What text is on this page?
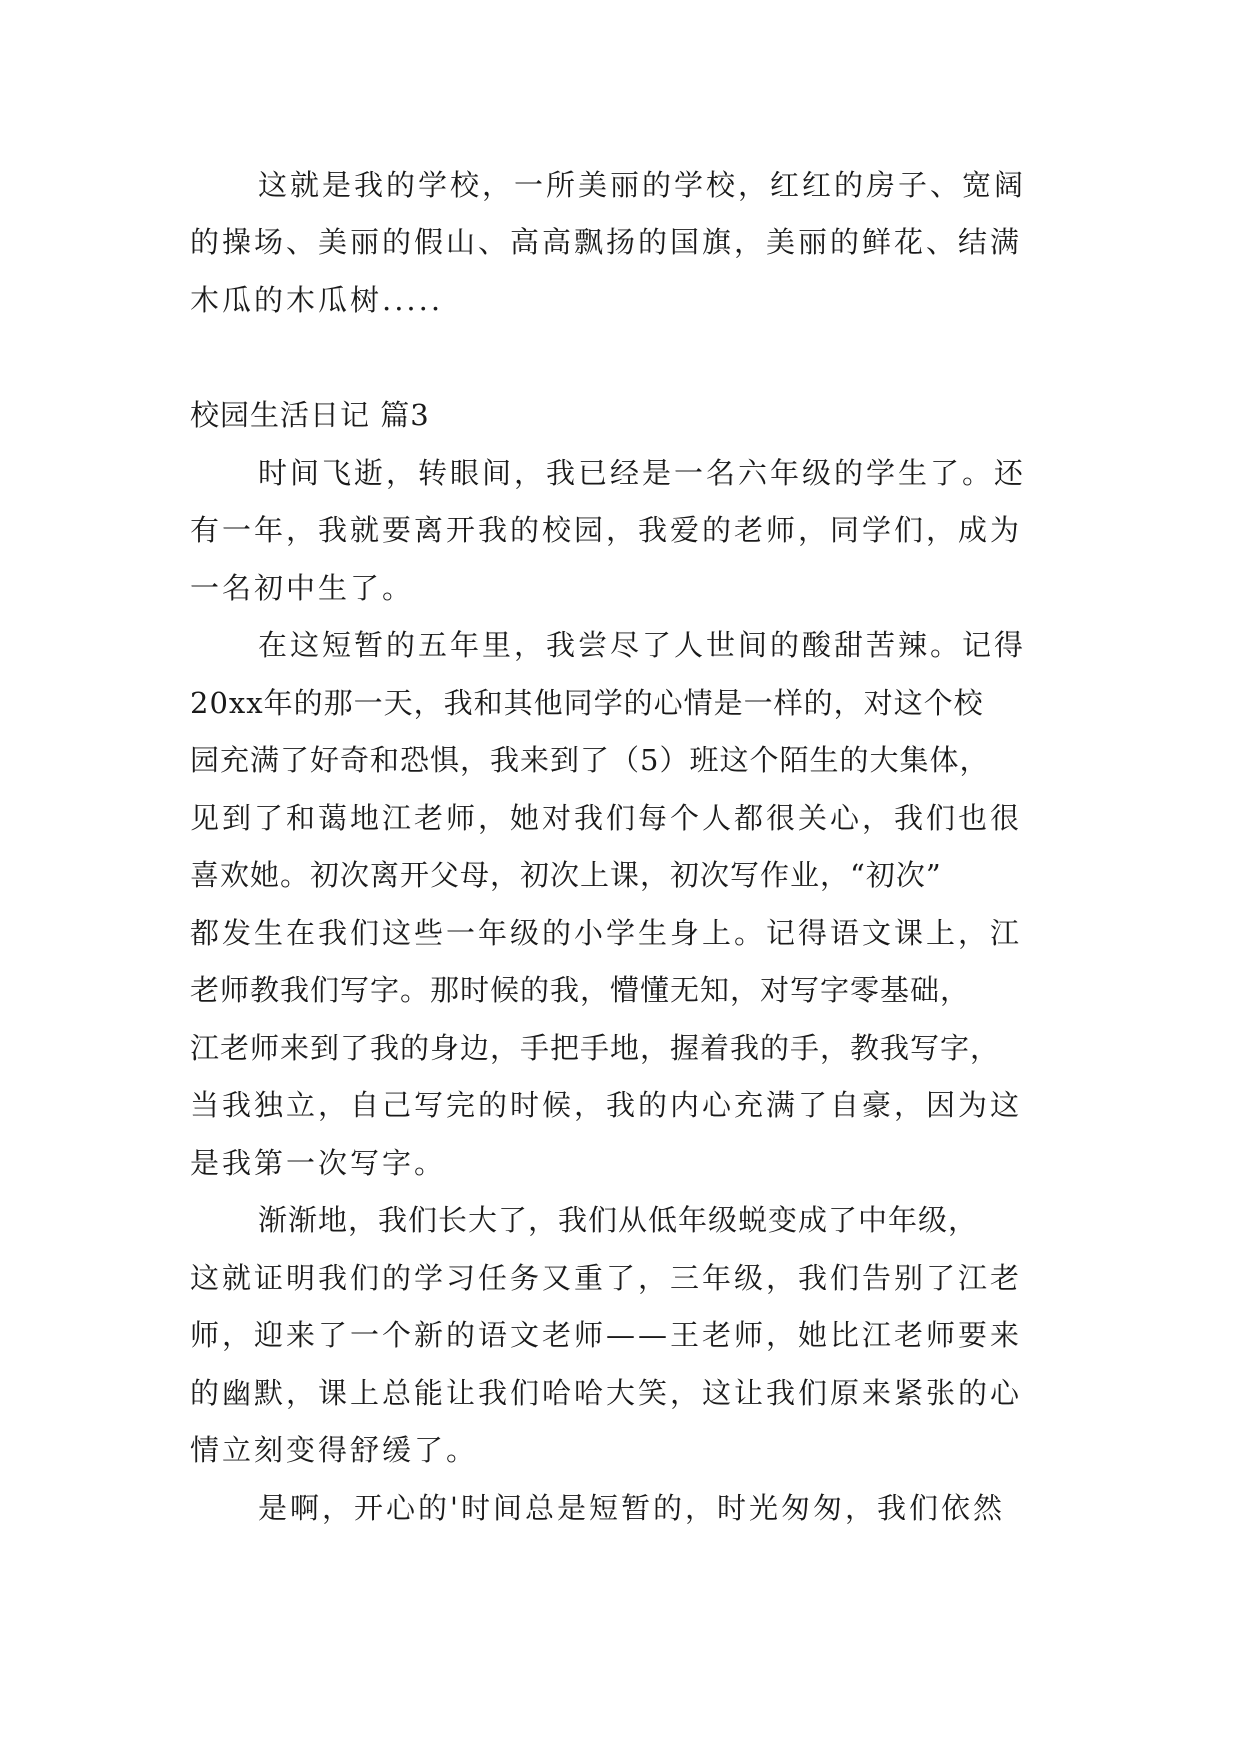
这就是我的学校，一所美丽的学校，红红的房子、宽阔

的操场、美丽的假山、高高飘扬的国旗，美丽的鲜花、结满

木瓜的木瓜树.....

校园生活日记 篇3

时间飞逝，转眼间，我已经是一名六年级的学生了。还

有一年，我就要离开我的校园，我爱的老师，同学们，成为

一名初中生了。

在这短暂的五年里，我尝尽了人世间的酸甜苦辣。记得

20xx年的那一天，我和其他同学的心情是一样的，对这个校

园充满了好奇和恐惧，我来到了（5）班这个陌生的大集体，

见到了和蔼地江老师，她对我们每个人都很关心，我们也很

喜欢她。初次离开父母，初次上课，初次写作业，“初次”

都发生在我们这些一年级的小学生身上。记得语文课上，江

老师教我们写字。那时候的我，懵懂无知，对写字零基础，

江老师来到了我的身边，手把手地，握着我的手，教我写字，

当我独立，自己写完的时候，我的内心充满了自豪，因为这

是我第一次写字。

渐渐地，我们长大了，我们从低年级蜕变成了中年级，

这就证明我们的学习任务又重了，三年级，我们告别了江老

师，迎来了一个新的语文老师——王老师，她比江老师要来

的幽默，课上总能让我们哈哈大笑，这让我们原来紧张的心

情立刻变得舒缓了。

是啊，开心的'时间总是短暂的，时光匆匆，我们依然
